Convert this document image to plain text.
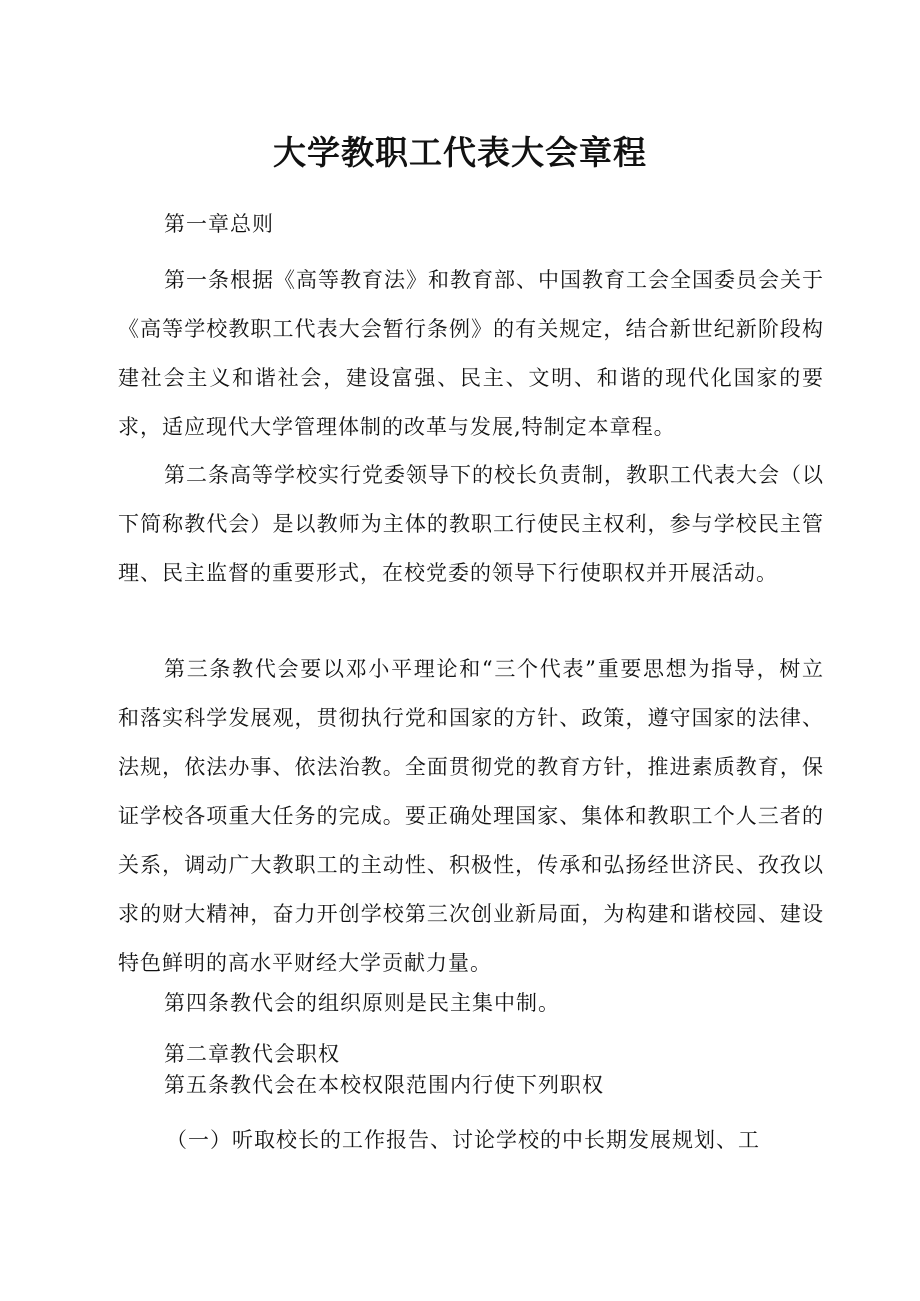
大学教职工代表大会章程
第一章总则

第一条根据《高等教育法》和教育部、中国教育工会全国委员会关于《高等学校教职工代表大会暂行条例》的有关规定，结合新世纪新阶段构建社会主义和谐社会，建设富强、民主、文明、和谐的现代化国家的要求，适应现代大学管理体制的改革与发展,特制定本章程。

第二条高等学校实行党委领导下的校长负责制，教职工代表大会（以下简称教代会）是以教师为主体的教职工行使民主权利，参与学校民主管理、民主监督的重要形式，在校党委的领导下行使职权并开展活动。

第三条教代会要以邓小平理论和“三个代表”重要思想为指导，树立和落实科学发展观，贯彻执行党和国家的方针、政策，遵守国家的法律、法规，依法办事、依法治教。全面贯彻党的教育方针，推进素质教育，保证学校各项重大任务的完成。要正确处理国家、集体和教职工个人三者的关系，调动广大教职工的主动性、积极性，传承和弘扬经世济民、孜孜以求的财大精神，奋力开创学校第三次创业新局面，为构建和谐校园、建设特色鲜明的高水平财经大学贡献力量。

第四条教代会的组织原则是民主集中制。
第二章教代会职权
第五条教代会在本校权限范围内行使下列职权
（一）听取校长的工作报告、讨论学校的中长期发展规划、工
